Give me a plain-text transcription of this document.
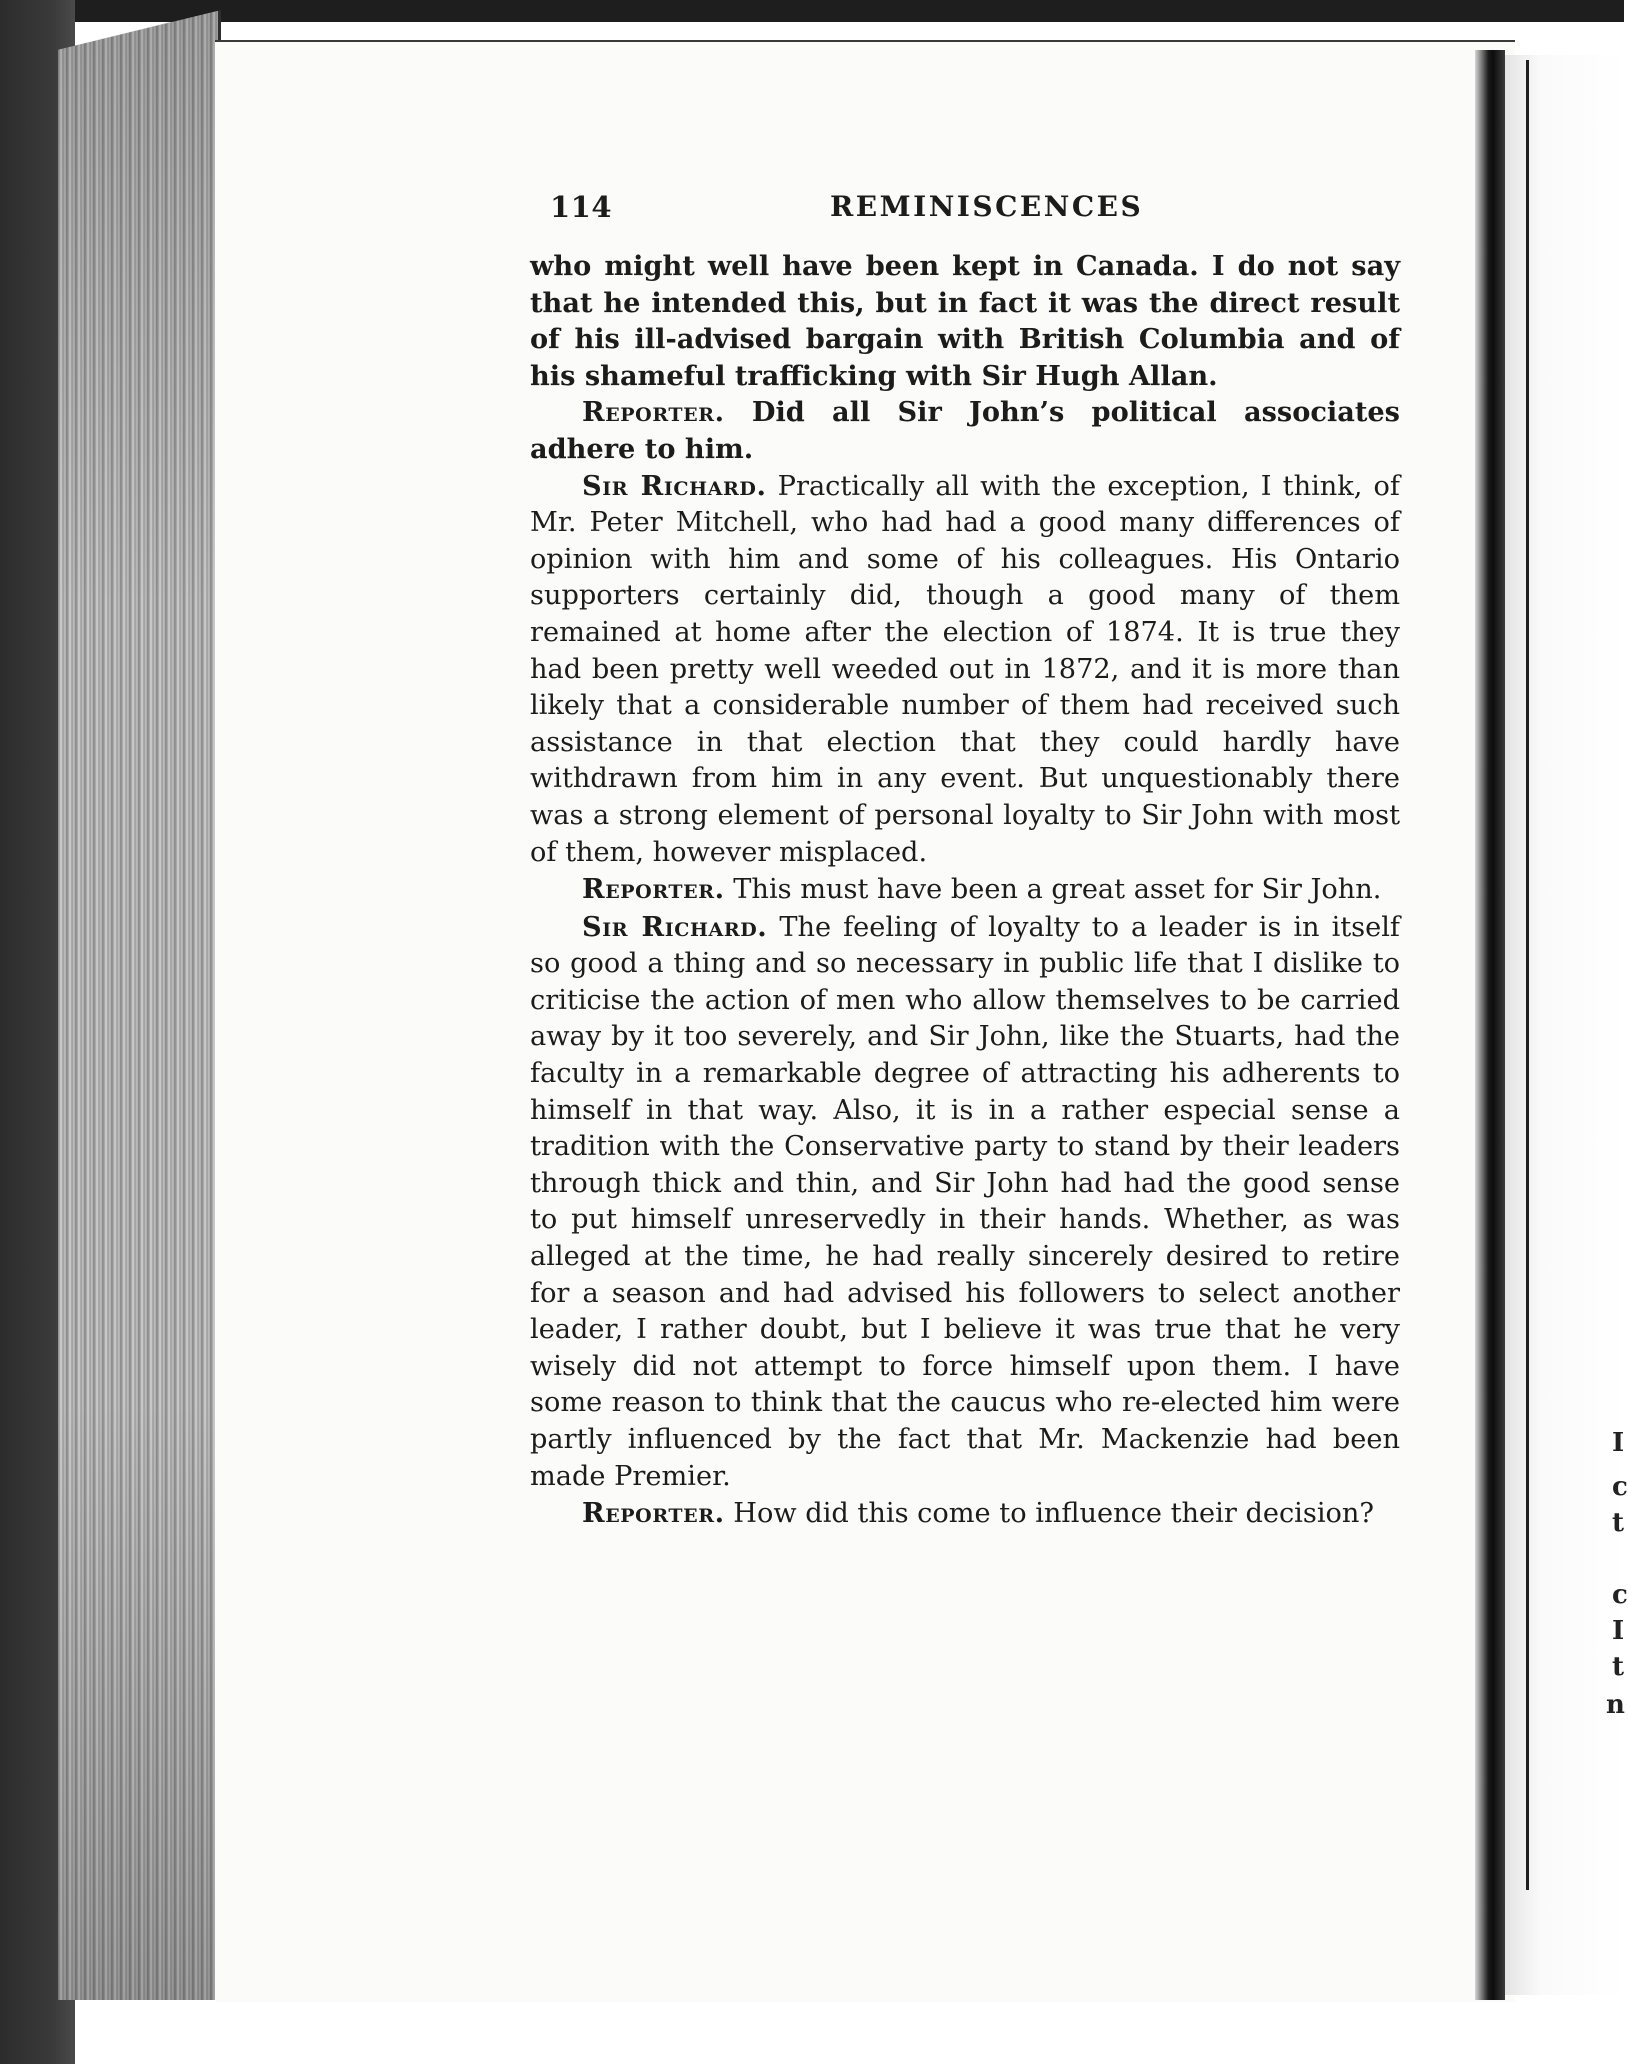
I
c
t
c
I
t
n
114	REMINISCENCES

who might well have been kept in Canada. I do not say that he intended this, but in fact it was the direct result of his ill-advised bargain with British Columbia and of his shameful trafficking with Sir Hugh Allan.

Reporter. Did all Sir John’s political associates adhere to him.

Sir Richard. Practically all with the exception, I think, of Mr. Peter Mitchell, who had had a good many differences of opinion with him and some of his colleagues. His Ontario supporters certainly did, though a good many of them remained at home after the election of 1874. It is true they had been pretty well weeded out in 1872, and it is more than likely that a considerable number of them had received such assistance in that election that they could hardly have withdrawn from him in any event. But unquestionably there was a strong element of personal loyalty to Sir John with most of them, however misplaced.

Reporter. This must have been a great asset for Sir John.

Sir Richard. The feeling of loyalty to a leader is in itself so good a thing and so necessary in public life that I dislike to criticise the action of men who allow themselves to be carried away by it too severely, and Sir John, like the Stuarts, had the faculty in a remarkable degree of attracting his adherents to himself in that way. Also, it is in a rather especial sense a tradition with the Conservative party to stand by their leaders through thick and thin, and Sir John had had the good sense to put himself unreservedly in their hands. Whether, as was alleged at the time, he had really sincerely desired to retire for a season and had advised his followers to select another leader, I rather doubt, but I believe it was true that he very wisely did not attempt to force himself upon them. I have some reason to think that the caucus who re-elected him were partly influenced by the fact that Mr. Mackenzie had been made Premier.

Reporter. How did this come to influence their decision?
